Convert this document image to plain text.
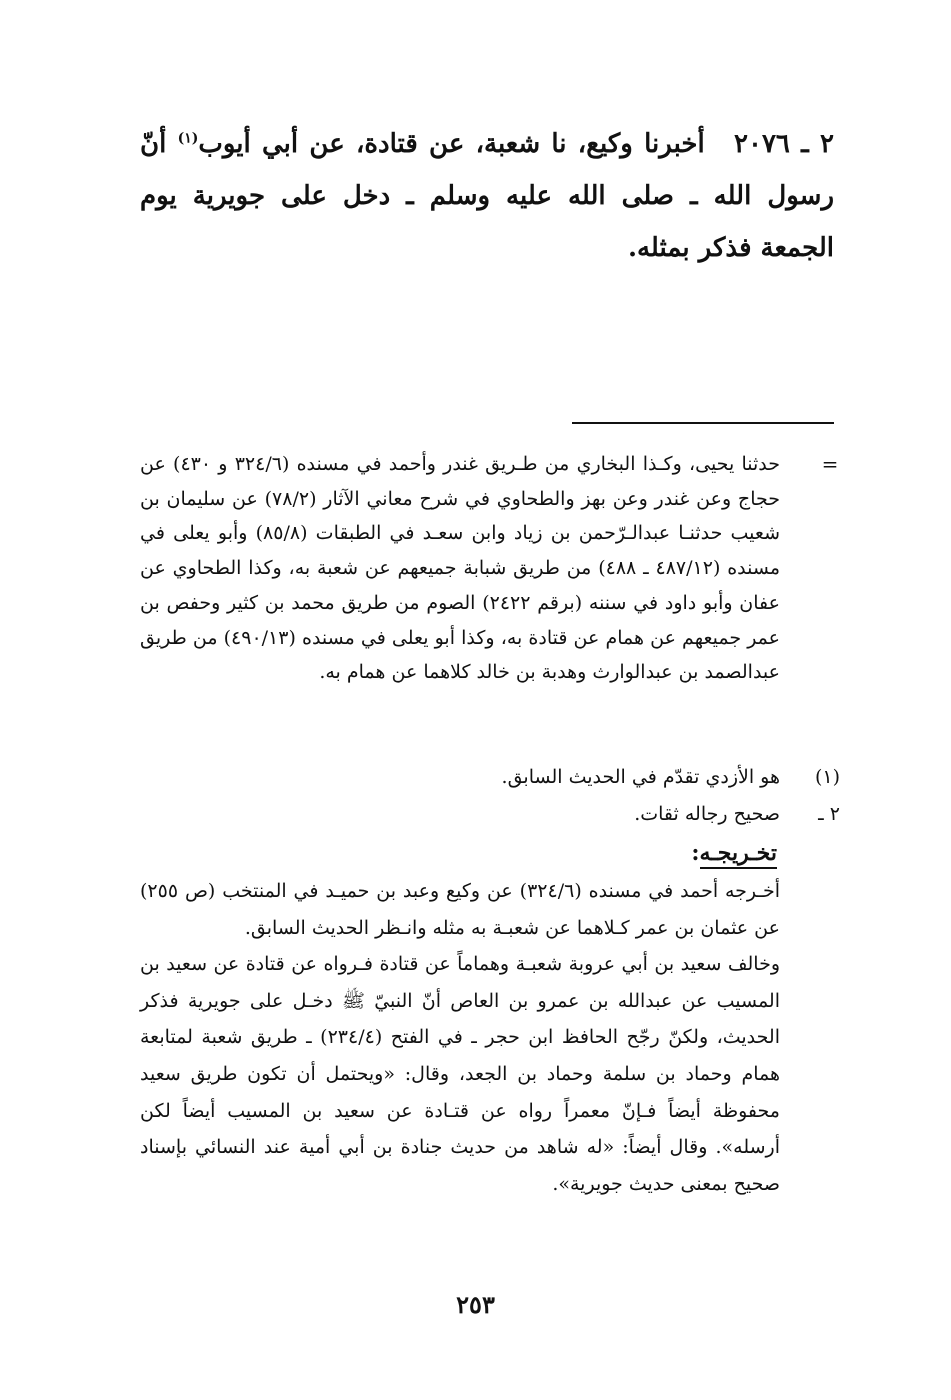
٢ ـ ٢٠٧٦ أخبرنا وكيع، نا شعبة، عن قتادة، عن أبي أيوب$^{(١)}$ أنّ رسول الله ـ صلى الله عليه وسلم ـ دخل على جويرية يوم الجمعة فذكر بمثله.
=
حدثنا يحيى، وكـذا البخاري من طـريق غندر وأحمد في مسنده (٣٢٤/٦ و ٤٣٠) عن حجاج وعن غندر وعن بهز والطحاوي في شرح معاني الآثار (٧٨/٢) عن سليمان بن شعيب حدثنـا عبدالـرّحمن بن زياد وابن سعـد في الطبقات (٨٥/٨) وأبو يعلى في مسنده (٤٨٧/١٢ ـ ٤٨٨) من طريق شبابة جميعهم عن شعبة به، وكذا الطحاوي عن عفان وأبو داود في سننه (برقم ٢٤٢٢) الصوم من طريق محمد بن كثير وحفص بن عمر جميعهم عن همام عن قتادة به، وكذا أبو يعلى في مسنده (٤٩٠/١٣) من طريق عبدالصمد بن عبدالوارث وهدبة بن خالد كلاهما عن همام به.
(١)
هو الأزدي تقدّم في الحديث السابق.
٢ ـ
صحيح رجاله ثقات.
تخـريجـه:

أخـرجه أحمد في مسنده (٣٢٤/٦) عن وكيع وعبد بن حميـد في المنتخب (ص ٢٥٥) عن عثمان بن عمر كـلاهما عن شعبـة به مثله وانـظر الحديث السابق.

وخالف سعيد بن أبي عروبة شعبـة وهماماً عن قتادة فـرواه عن قتادة عن سعيد بن المسيب عن عبدالله بن عمرو بن العاص أنّ النبيّ ﷺ دخـل على جويرية فذكر الحديث، ولكنّ رجّح الحافظ ابن حجر ـ في الفتح (٢٣٤/٤) ـ طريق شعبة لمتابعة همام وحماد بن سلمة وحماد بن الجعد، وقال: «ويحتمل أن تكون طريق سعيد محفوظة أيضاً فـإنّ معمراً رواه عن قتـادة عن سعيد بن المسيب أيضاً لكن أرسله». وقال أيضاً: «له شاهد من حديث جنادة بن أبي أمية عند النسائي بإسناد صحيح بمعنى حديث جويرية».

٢٥٣
